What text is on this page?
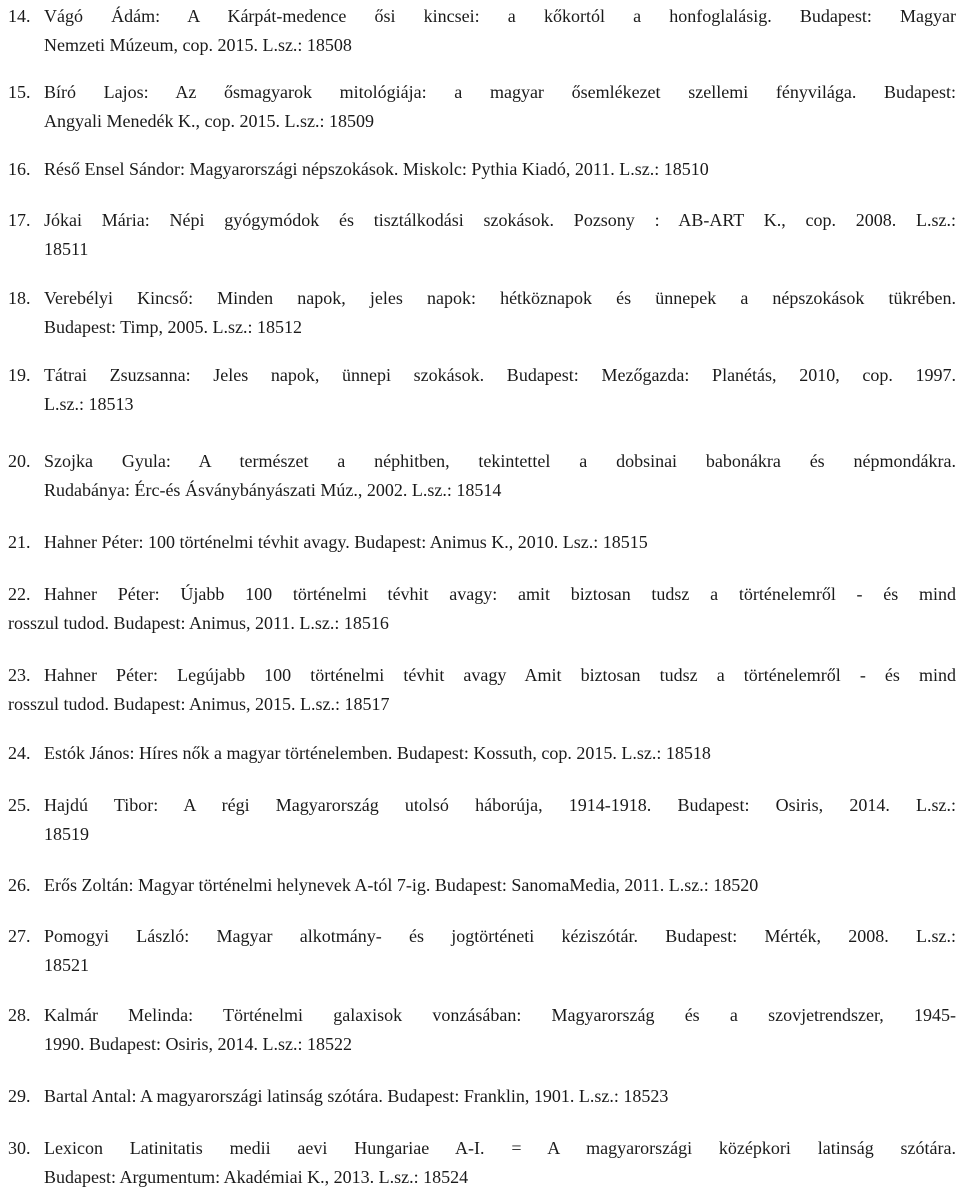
14. Vágó Ádám: A Kárpát-medence ősi kincsei: a kőkortól a honfoglalásig. Budapest: Magyar
Nemzeti Múzeum, cop. 2015. L.sz.: 18508
15. Bíró Lajos: Az ősmagyarok mitológiája: a magyar ősemlékezet szellemi fényvilága. Budapest:
Angyali Menedék K., cop. 2015. L.sz.: 18509
16. Réső Ensel Sándor: Magyarországi népszokások. Miskolc: Pythia Kiadó, 2011. L.sz.: 18510
17. Jókai Mária: Népi gyógymódok és tisztálkodási szokások. Pozsony : AB-ART K., cop. 2008. L.sz.:
18511
18. Verebélyi Kincső: Minden napok, jeles napok: hétköznapok és ünnepek a népszokások tükrében.
Budapest: Timp, 2005. L.sz.: 18512
19. Tátrai Zsuzsanna: Jeles napok, ünnepi szokások. Budapest: Mezőgazda: Planétás, 2010, cop. 1997.
L.sz.: 18513
20. Szojka Gyula: A természet a néphitben, tekintettel a dobsinai babonákra és népmondákra.
Rudabánya: Érc-és Ásványbányászati Múz., 2002. L.sz.: 18514
21. Hahner Péter: 100 történelmi tévhit avagy. Budapest: Animus K., 2010. Lsz.: 18515
22. Hahner Péter: Újabb 100 történelmi tévhit avagy: amit biztosan tudsz a történelemről - és mind
rosszul tudod. Budapest: Animus, 2011. L.sz.: 18516
23. Hahner Péter: Legújabb 100 történelmi tévhit avagy Amit biztosan tudsz a történelemről - és mind
rosszul tudod. Budapest: Animus, 2015. L.sz.: 18517
24. Estók János: Híres nők a magyar történelemben. Budapest: Kossuth, cop. 2015. L.sz.: 18518
25. Hajdú Tibor: A régi Magyarország utolsó háborúja, 1914-1918. Budapest: Osiris, 2014. L.sz.:
18519
26. Erős Zoltán: Magyar történelmi helynevek A-tól 7-ig. Budapest: SanomaMedia, 2011. L.sz.: 18520
27. Pomogyi László: Magyar alkotmány- és jogtörténeti kéziszótár. Budapest: Mérték, 2008. L.sz.:
18521
28. Kalmár Melinda: Történelmi galaxisok vonzásában: Magyarország és a szovjetrendszer, 1945-
1990. Budapest: Osiris, 2014. L.sz.: 18522
29. Bartal Antal: A magyarországi latinság szótára. Budapest: Franklin, 1901. L.sz.: 18523
30. Lexicon Latinitatis medii aevi Hungariae A-I. = A magyarországi középkori latinság szótára.
Budapest: Argumentum: Akadémiai K., 2013. L.sz.: 18524
